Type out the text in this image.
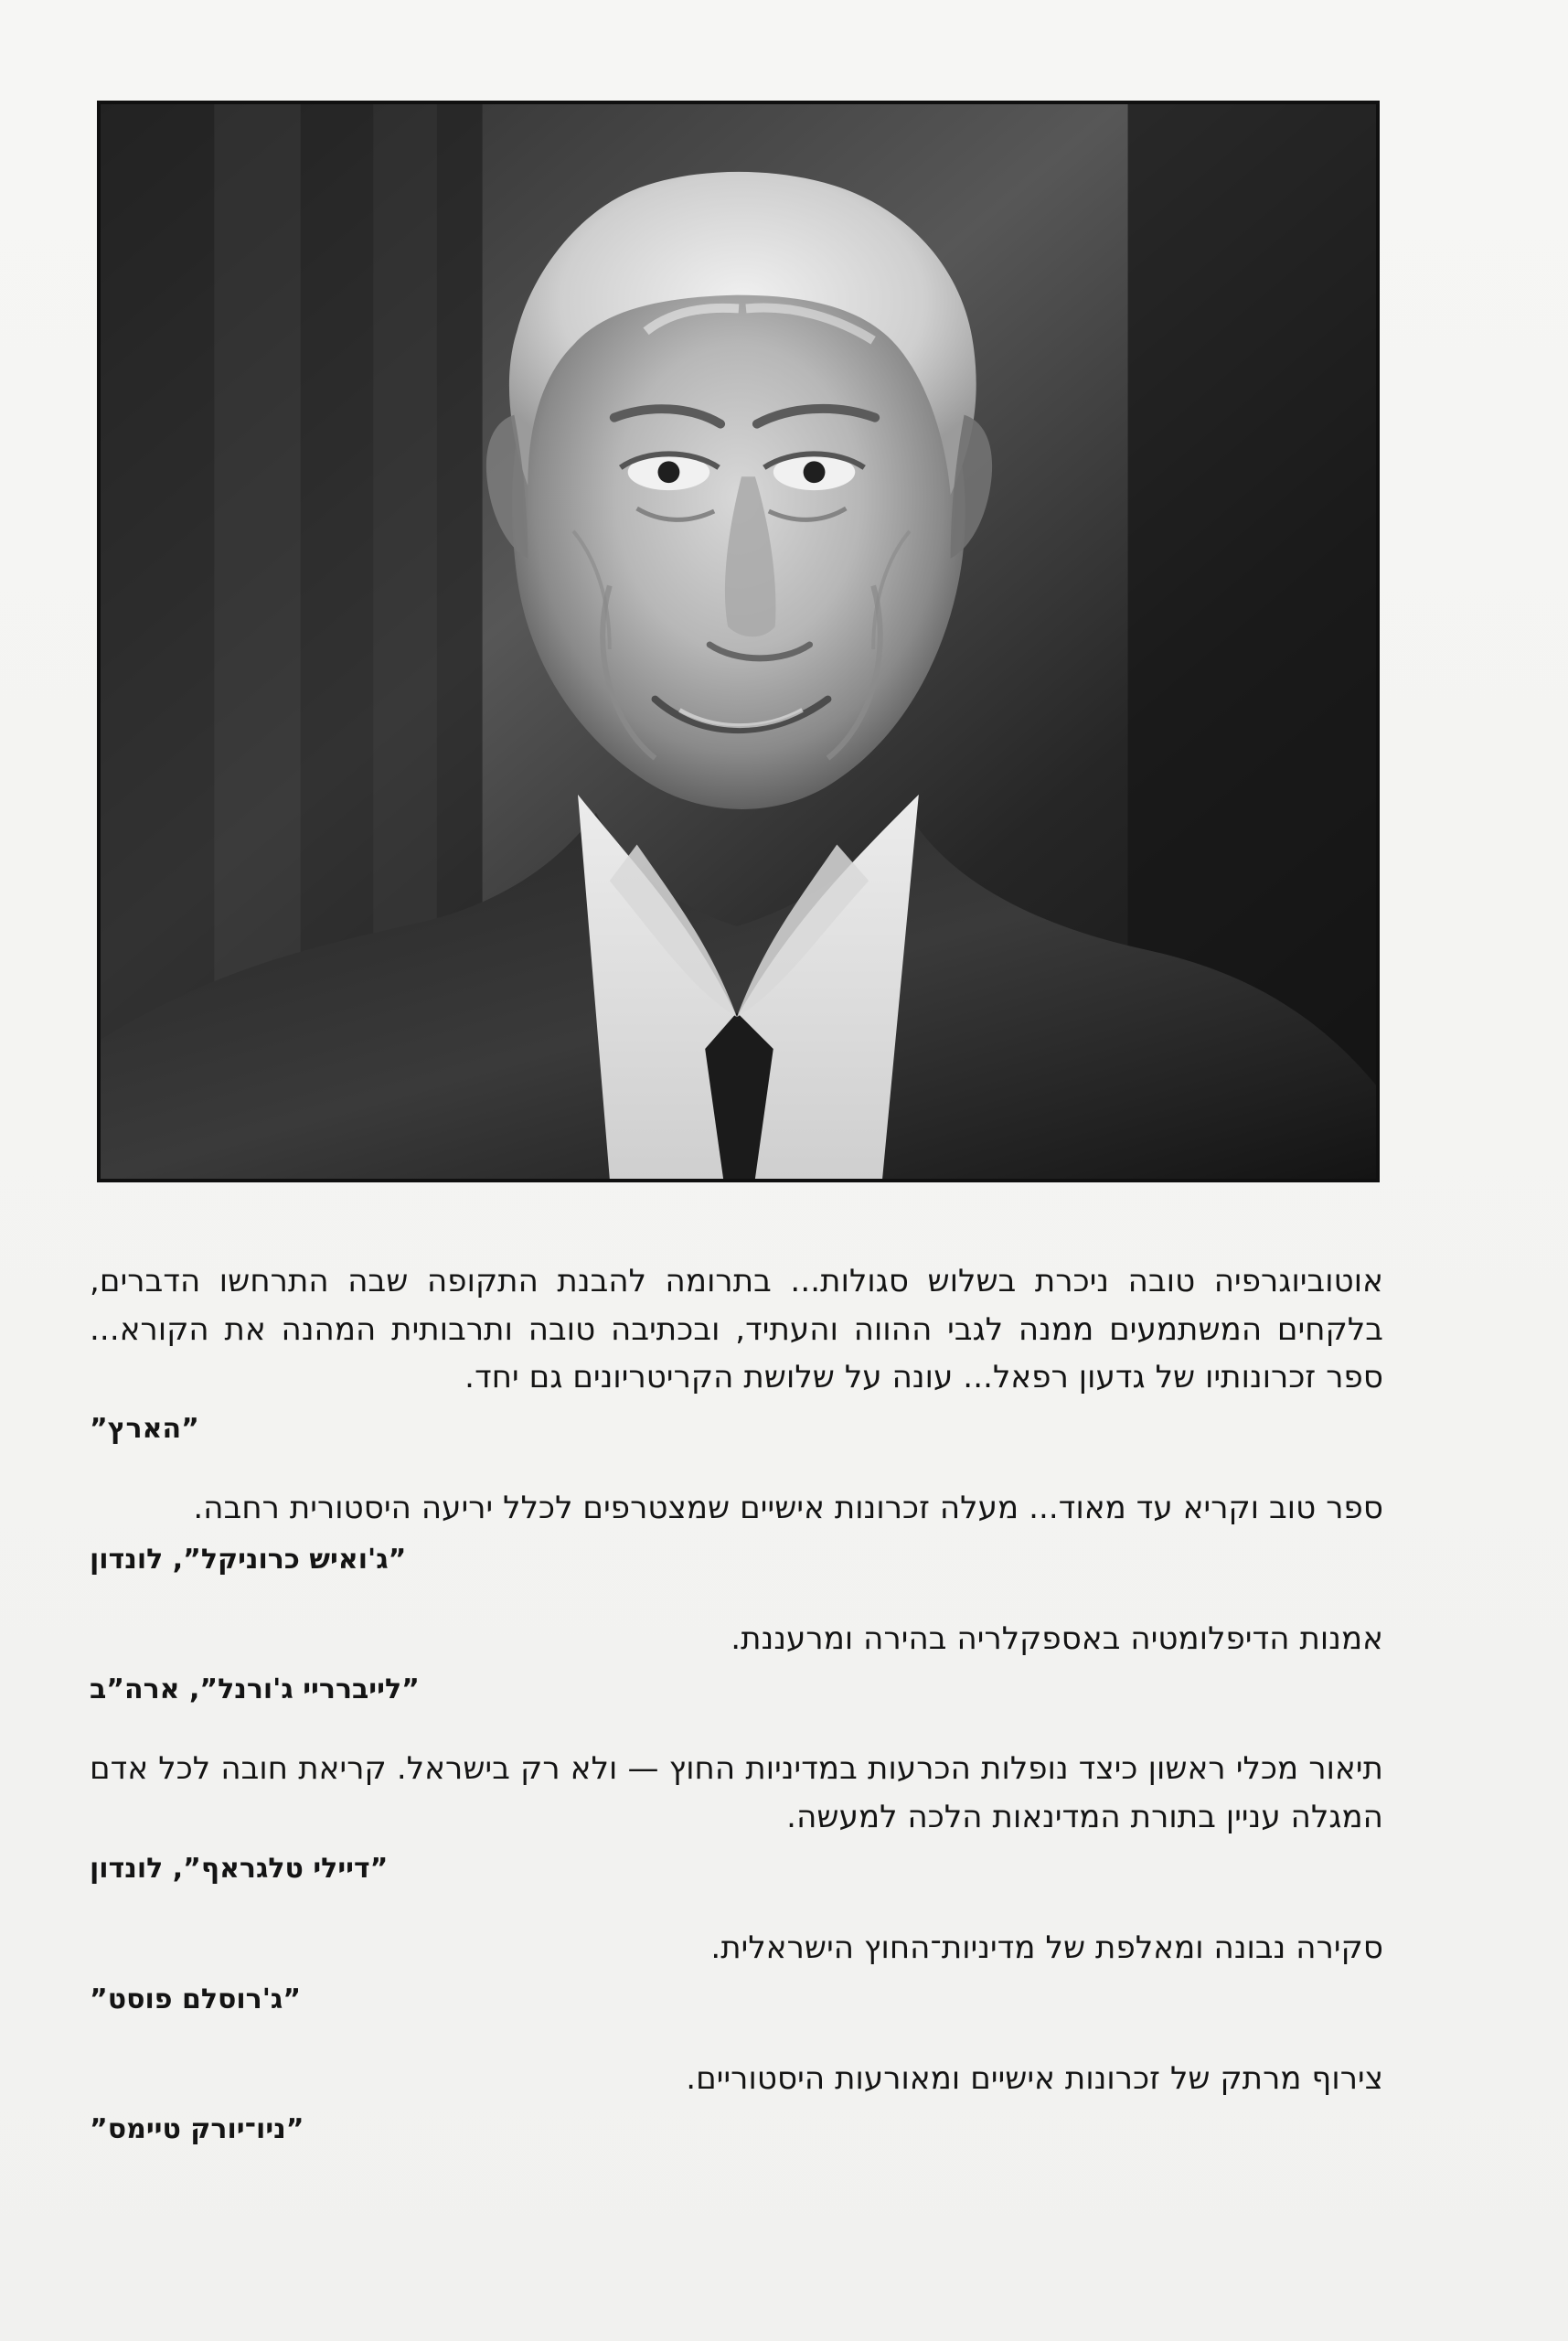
אוטוביוגרפיה טובה ניכרת בשלוש סגולות... בתרומה להבנת התקופה שבה התרחשו הדברים, בלקחים המשתמעים ממנה לגבי ההווה והעתיד, ובכתיבה טובה ותרבותית המהנה את הקורא... ספר זכרונותיו של גדעון רפאל... עונה על שלושת הקריטריונים גם יחד.

”הארץ”

ספר טוב וקריא עד מאוד... מעלה זכרונות אישיים שמצטרפים לכלל יריעה היסטורית רחבה.

”ג'ואיש כרוניקל”, לונדון

אמנות הדיפלומטיה באספקלריה בהירה ומרעננת.

”לייברריי ג'ורנל”, ארה”ב

תיאור מכלי ראשון כיצד נופלות הכרעות במדיניות החוץ — ולא רק בישראל. קריאת חובה לכל אדם המגלה עניין בתורת המדינאות הלכה למעשה.

”דיילי טלגראף”, לונדון

סקירה נבונה ומאלפת של מדיניות־החוץ הישראלית.

”ג'רוסלם פוסט”

צירוף מרתק של זכרונות אישיים ומאורעות היסטוריים.

”ניו־יורק טיימס”
